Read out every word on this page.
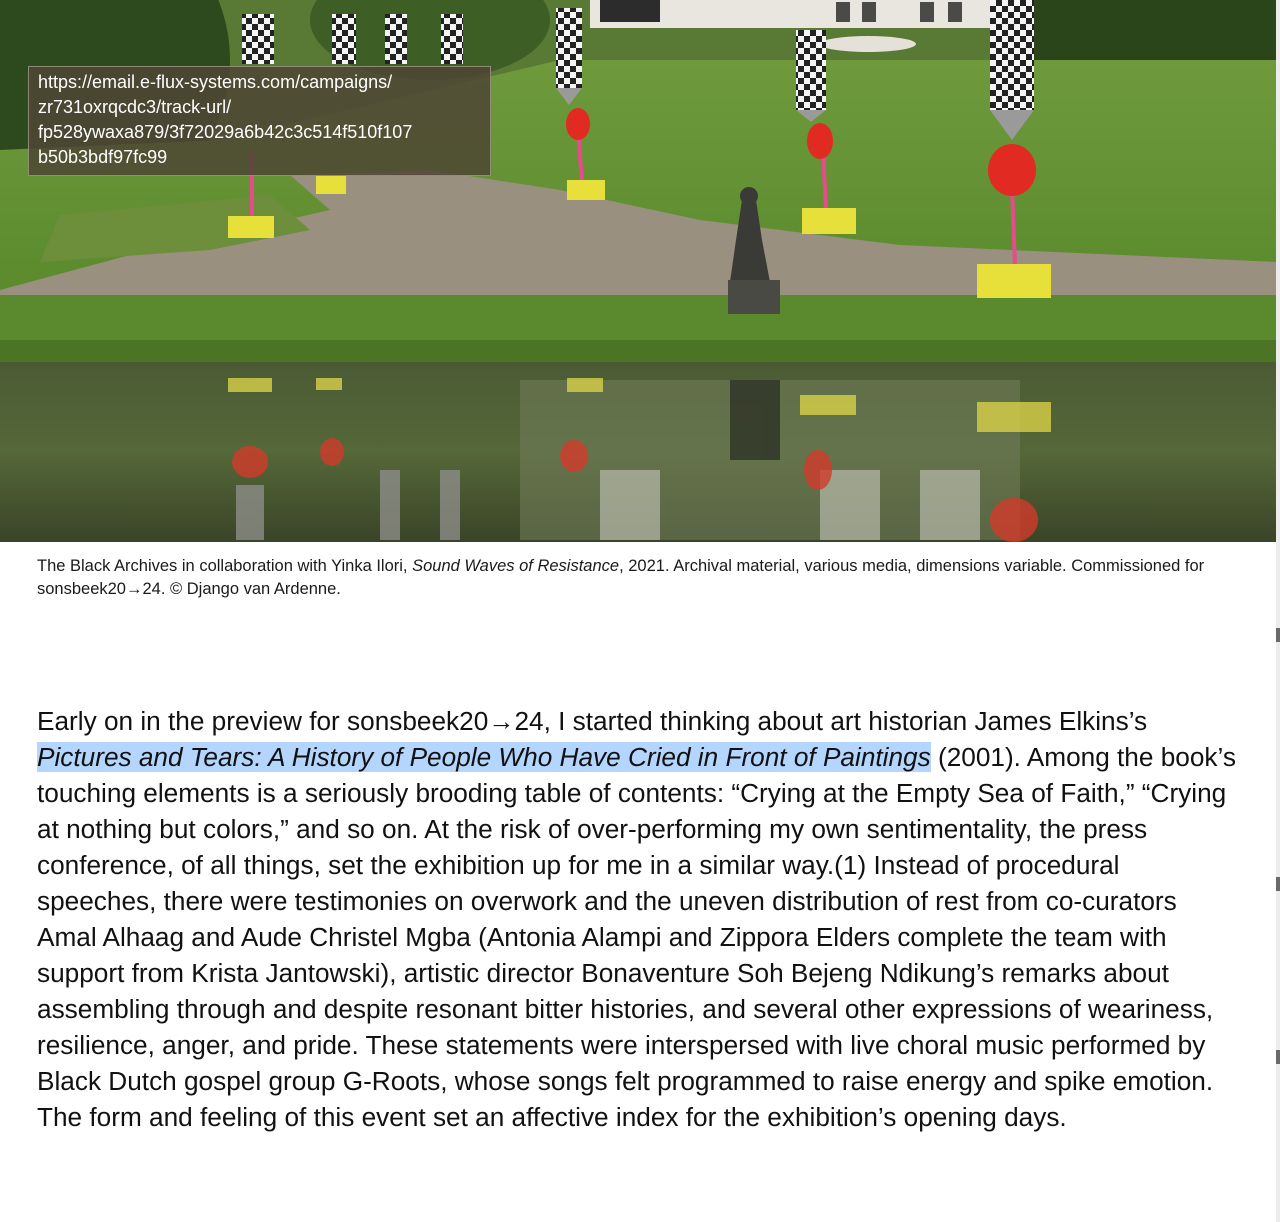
https://email.e-flux-systems.com/campaigns/
zr731oxrqcdc3/track-url/
fp528ywaxa879/3f72029a6b42c3c514f510f107
b50b3bdf97fc99
The Black Archives in collaboration with Yinka Ilori, Sound Waves of Resistance, 2021. Archival material, various media, dimensions variable. Commissioned for sonsbeek20→24. © Django van Ardenne.

Early on in the preview for sonsbeek20→24, I started thinking about art historian James Elkins’s Pictures and Tears: A History of People Who Have Cried in Front of Paintings (2001). Among the book’s touching elements is a seriously brooding table of contents: “Crying at the Empty Sea of Faith,” “Crying at nothing but colors,” and so on. At the risk of over-performing my own sentimentality, the press conference, of all things, set the exhibition up for me in a similar way.(1) Instead of procedural speeches, there were testimonies on overwork and the uneven distribution of rest from co-curators Amal Alhaag and Aude Christel Mgba (Antonia Alampi and Zippora Elders complete the team with support from Krista Jantowski), artistic director Bonaventure Soh Bejeng Ndikung’s remarks about assembling through and despite resonant bitter histories, and several other expressions of weariness, resilience, anger, and pride. These statements were interspersed with live choral music performed by Black Dutch gospel group G-Roots, whose songs felt programmed to raise energy and spike emotion. The form and feeling of this event set an affective index for the exhibition’s opening days.
